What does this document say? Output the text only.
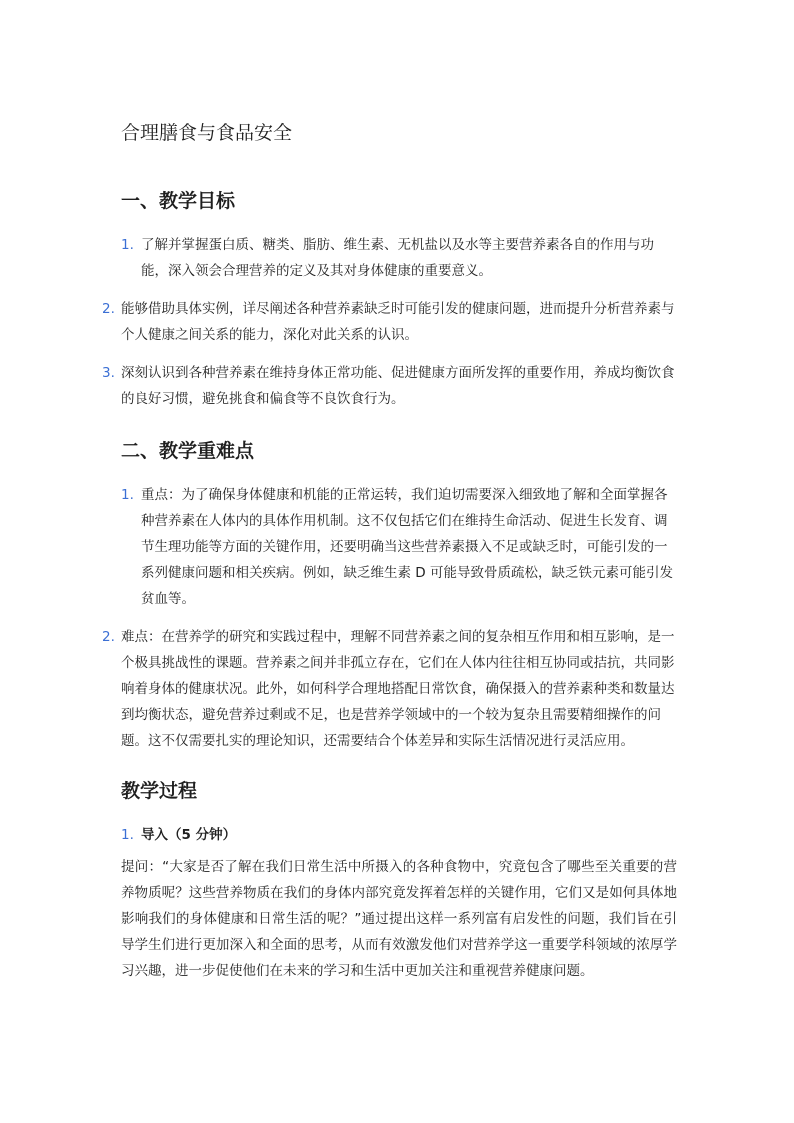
合理膳食与食品安全
一、教学目标
1. 了解并掌握蛋白质、糖类、脂肪、维生素、无机盐以及水等主要营养素各自的作用与功能，深入领会合理营养的定义及其对身体健康的重要意义。
2. 能够借助具体实例，详尽阐述各种营养素缺乏时可能引发的健康问题，进而提升分析营养素与个人健康之间关系的能力，深化对此关系的认识。
3. 深刻认识到各种营养素在维持身体正常功能、促进健康方面所发挥的重要作用，养成均衡饮食的良好习惯，避免挑食和偏食等不良饮食行为。
二、教学重难点
1. 重点：为了确保身体健康和机能的正常运转，我们迫切需要深入细致地了解和全面掌握各种营养素在人体内的具体作用机制。这不仅包括它们在维持生命活动、促进生长发育、调节生理功能等方面的关键作用，还要明确当这些营养素摄入不足或缺乏时，可能引发的一系列健康问题和相关疾病。例如，缺乏维生素 D 可能导致骨质疏松，缺乏铁元素可能引发贫血等。
2. 难点：在营养学的研究和实践过程中，理解不同营养素之间的复杂相互作用和相互影响，是一个极具挑战性的课题。营养素之间并非孤立存在，它们在人体内往往相互协同或拮抗，共同影响着身体的健康状况。此外，如何科学合理地搭配日常饮食，确保摄入的营养素种类和数量达到均衡状态，避免营养过剩或不足，也是营养学领域中的一个较为复杂且需要精细操作的问题。这不仅需要扎实的理论知识，还需要结合个体差异和实际生活情况进行灵活应用。
教学过程
1. 导入（5 分钟）

提问：“大家是否了解在我们日常生活中所摄入的各种食物中，究竟包含了哪些至关重要的营养物质呢？这些营养物质在我们的身体内部究竟发挥着怎样的关键作用，它们又是如何具体地影响我们的身体健康和日常生活的呢？”通过提出这样一系列富有启发性的问题，我们旨在引导学生们进行更加深入和全面的思考，从而有效激发他们对营养学这一重要学科领域的浓厚学习兴趣，进一步促使他们在未来的学习和生活中更加关注和重视营养健康问题。
